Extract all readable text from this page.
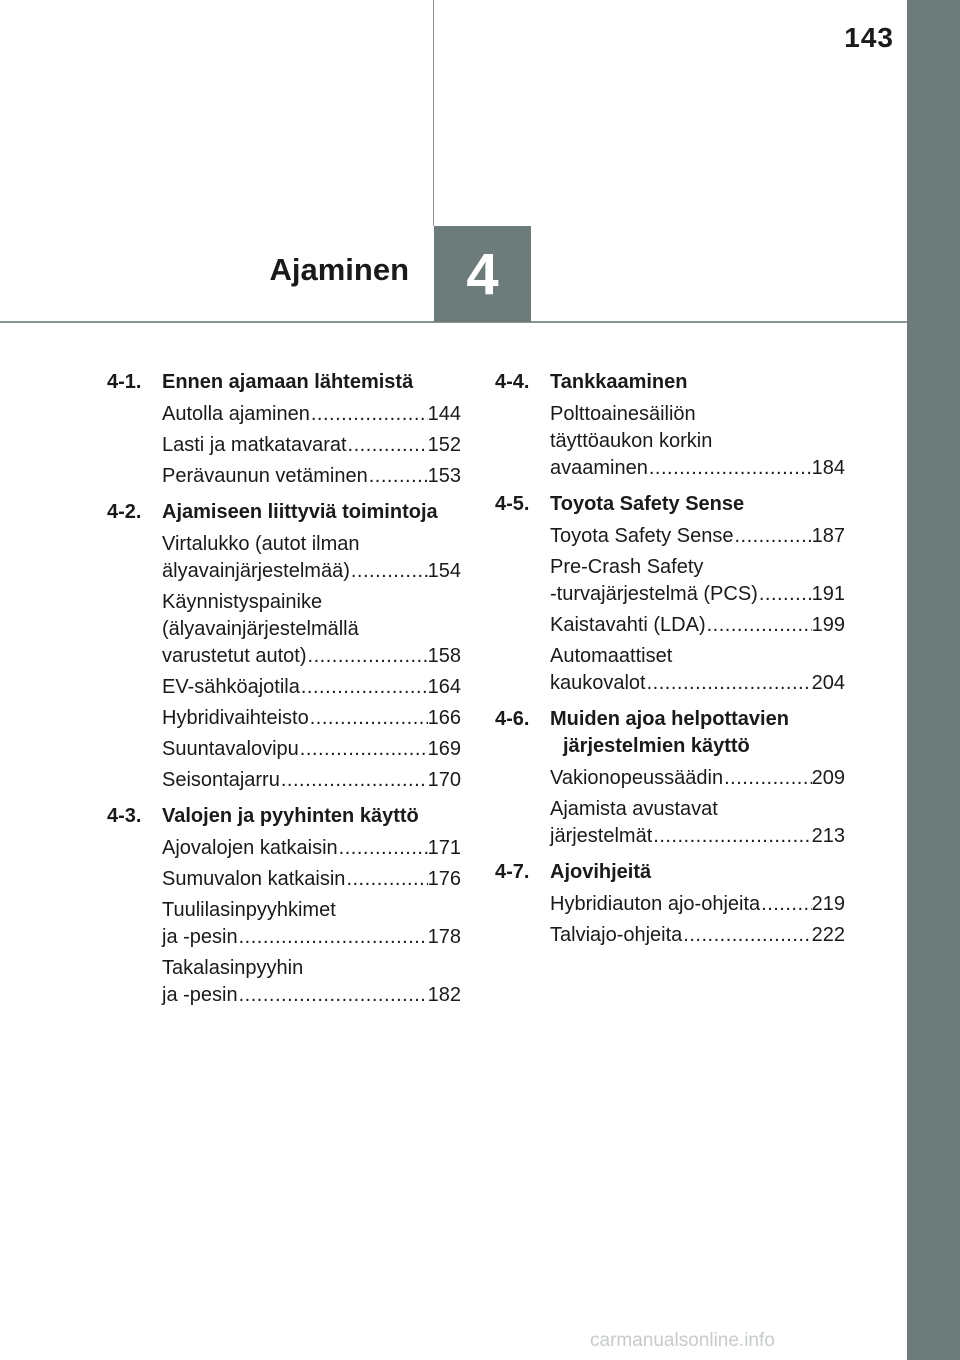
143
Ajaminen 4
4-1.	Ennen ajamaan lähtemistä
Autolla ajaminen .....	144
Lasti ja matkatavarat .....	152
Perävaunun vetäminen .....	153
4-2.	Ajamiseen liittyviä toimintoja
Virtalukko (autot ilman
älyavainjärjestelmää) .....	154
Käynnistyspainike
(älyavainjärjestelmällä
varustetut autot) .....	158
EV-sähköajotila .....	164
Hybridivaihteisto .....	166
Suuntavalovipu .....	169
Seisontajarru .....	170
4-3.	Valojen ja pyyhinten käyttö
Ajovalojen katkaisin .....	171
Sumuvalon katkaisin .....	176
Tuulilasinpyyhkimet
ja -pesin .....	178
Takalasinpyyhin
ja -pesin .....	182
4-4.	Tankkaaminen
Polttoainesäiliön
täyttöaukon korkin
avaaminen .....	184
4-5.	Toyota Safety Sense
Toyota Safety Sense .....	187
Pre-Crash Safety
-turvajärjestelmä (PCS) .....	191
Kaistavahti (LDA) .....	199
Automaattiset
kaukovalot .....	204
4-6.	Muiden ajoa helpottavien järjestelmien käyttö
Vakionopeussäädin .....	209
Ajamista avustavat
järjestelmät .....	213
4-7.	Ajovihjeitä
Hybridiauton ajo-ohjeita .....	219
Talviajo-ohjeita .....	222
carmanualsonline.info
